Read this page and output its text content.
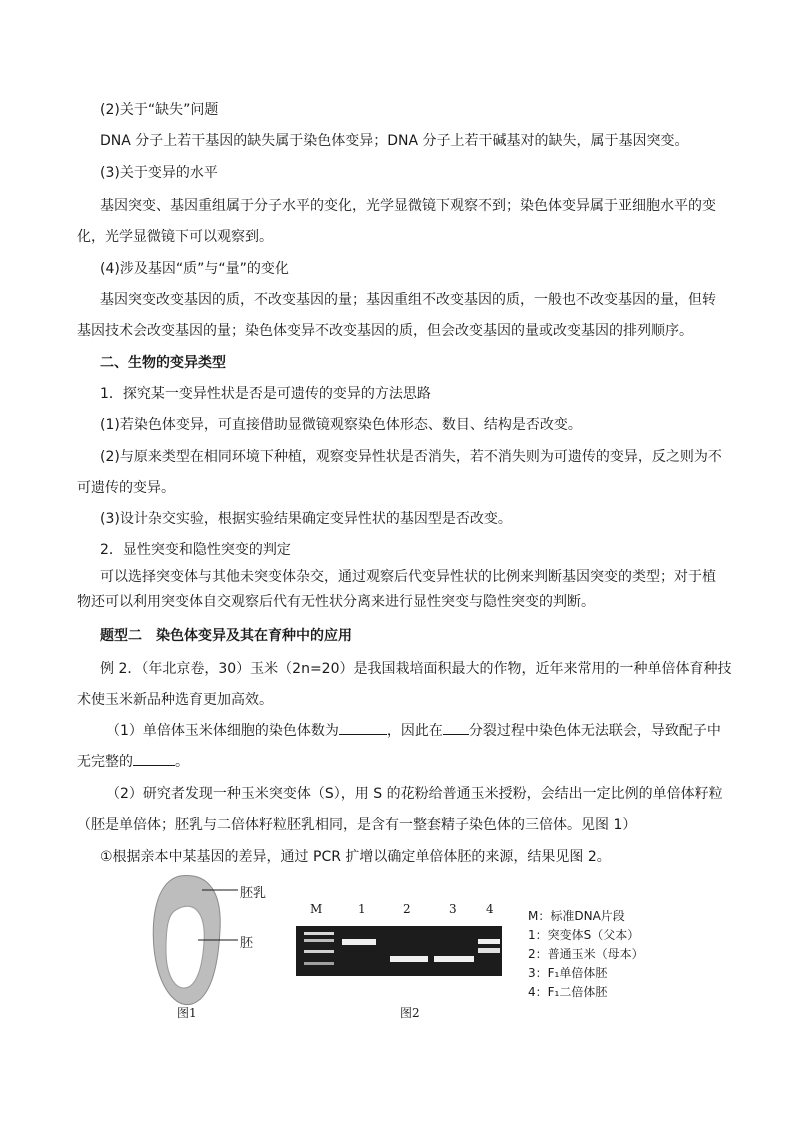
(2)关于“缺失”问题
DNA 分子上若干基因的缺失属于染色体变异；DNA 分子上若干碱基对的缺失，属于基因突变。
(3)关于变异的水平
基因突变、基因重组属于分子水平的变化，光学显微镜下观察不到；染色体变异属于亚细胞水平的变
化，光学显微镜下可以观察到。
(4)涉及基因“质”与“量”的变化
基因突变改变基因的质，不改变基因的量；基因重组不改变基因的质，一般也不改变基因的量，但转
基因技术会改变基因的量；染色体变异不改变基因的质，但会改变基因的量或改变基因的排列顺序。
二、生物的变异类型
1．探究某一变异性状是否是可遗传的变异的方法思路
(1)若染色体变异，可直接借助显微镜观察染色体形态、数目、结构是否改变。
(2)与原来类型在相同环境下种植，观察变异性状是否消失，若不消失则为可遗传的变异，反之则为不
可遗传的变异。
(3)设计杂交实验，根据实验结果确定变异性状的基因型是否改变。
2．显性突变和隐性突变的判定
可以选择突变体与其他未突变体杂交，通过观察后代变异性状的比例来判断基因突变的类型；对于植
物还可以利用突变体自交观察后代有无性状分离来进行显性突变与隐性突变的判断。
题型二　染色体变异及其在育种中的应用
例 2．（年北京卷，30）玉米（2n=20）是我国栽培面积最大的作物，近年来常用的一种单倍体育种技
术使玉米新品种选育更加高效。
（1）单倍体玉米体细胞的染色体数为	，因此在 分裂过程中染色体无法联会，导致配子中
无完整的	。
（2）研究者发现一种玉米突变体（S），用 S 的花粉给普通玉米授粉，会结出一定比例的单倍体籽粒
（胚是单倍体；胚乳与二倍体籽粒胚乳相同，是含有一整套精子染色体的三倍体。见图 1）
①根据亲本中某基因的差异，通过 PCR 扩增以确定单倍体胚的来源，结果见图 2。
胚乳
胚
图1
M	1	2	3 4
图2
M：标准DNA片段
1：突变体S（父本）
2：普通玉米（母本）
3：F₁单倍体胚
4：F₁二倍体胚
